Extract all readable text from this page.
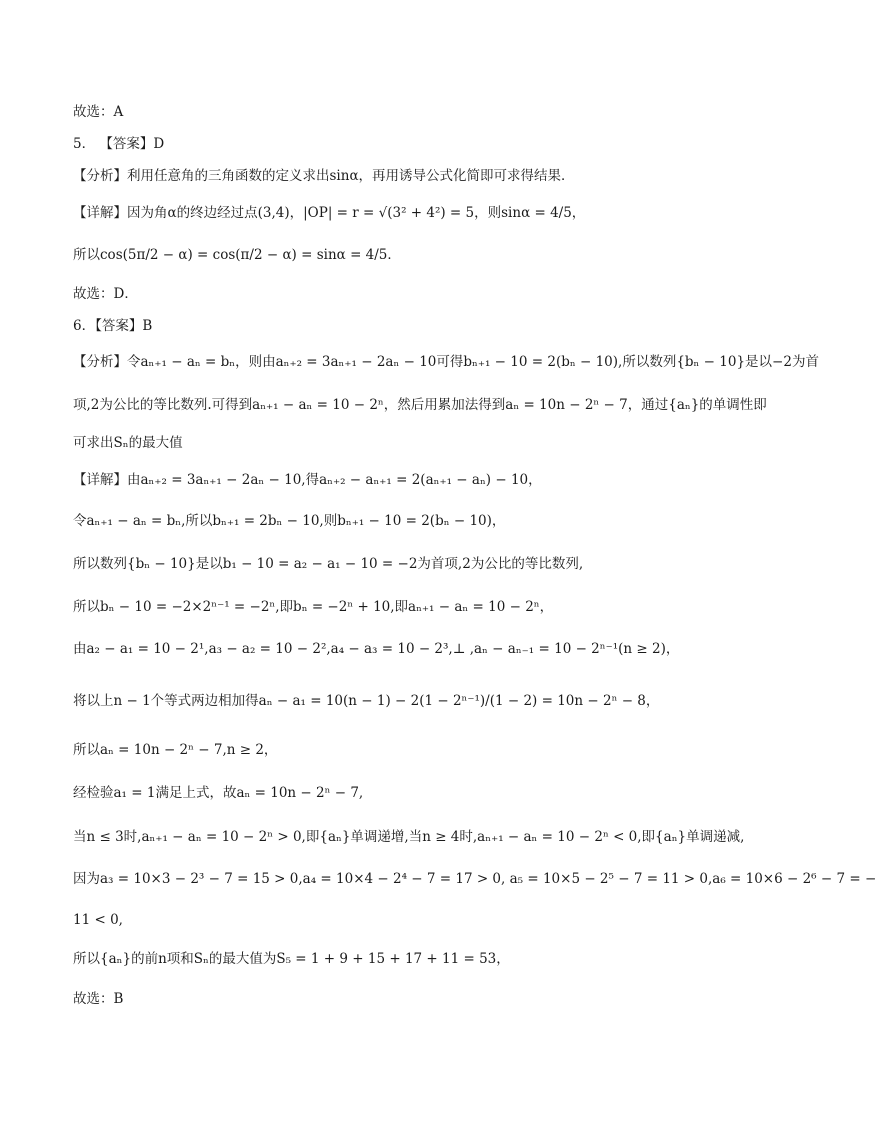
故选：A
5． 【答案】D
【分析】利用任意角的三角函数的定义求出sinα，再用诱导公式化简即可求得结果．
【详解】因为角α的终边经过点(3,4)，|OP| = r = √(3² + 4²) = 5，则sinα = 4/5，
所以cos(5π/2 − α) = cos(π/2 − α) = sinα = 4/5．
故选：D．
6．【答案】B
【分析】令aₙ₊₁ − aₙ = bₙ，则由aₙ₊₂ = 3aₙ₊₁ − 2aₙ − 10可得bₙ₊₁ − 10 = 2(bₙ − 10),所以数列{bₙ − 10}是以−2为首
项,2为公比的等比数列.可得到aₙ₊₁ − aₙ = 10 − 2ⁿ，然后用累加法得到aₙ = 10n − 2ⁿ − 7，通过{aₙ}的单调性即
可求出Sₙ的最大值
【详解】由aₙ₊₂ = 3aₙ₊₁ − 2aₙ − 10,得aₙ₊₂ − aₙ₊₁ = 2(aₙ₊₁ − aₙ) − 10，
令aₙ₊₁ − aₙ = bₙ,所以bₙ₊₁ = 2bₙ − 10,则bₙ₊₁ − 10 = 2(bₙ − 10)，
所以数列{bₙ − 10}是以b₁ − 10 = a₂ − a₁ − 10 = −2为首项,2为公比的等比数列,
所以bₙ − 10 = −2×2ⁿ⁻¹ = −2ⁿ,即bₙ = −2ⁿ + 10,即aₙ₊₁ − aₙ = 10 − 2ⁿ，
由a₂ − a₁ = 10 − 2¹,a₃ − a₂ = 10 − 2²,a₄ − a₃ = 10 − 2³,⊥ ,aₙ − aₙ₋₁ = 10 − 2ⁿ⁻¹(n ≥ 2)，
将以上n − 1个等式两边相加得aₙ − a₁ = 10(n − 1) − 2(1 − 2ⁿ⁻¹)/(1 − 2) = 10n − 2ⁿ − 8，
所以aₙ = 10n − 2ⁿ − 7,n ≥ 2，
经检验a₁ = 1满足上式，故aₙ = 10n − 2ⁿ − 7,
当n ≤ 3时,aₙ₊₁ − aₙ = 10 − 2ⁿ > 0,即{aₙ}单调递增,当n ≥ 4时,aₙ₊₁ − aₙ = 10 − 2ⁿ < 0,即{aₙ}单调递减,
因为a₃ = 10×3 − 2³ − 7 = 15 > 0,a₄ = 10×4 − 2⁴ − 7 = 17 > 0, a₅ = 10×5 − 2⁵ − 7 = 11 > 0,a₆ = 10×6 − 2⁶ − 7 = −
11 < 0,
所以{aₙ}的前n项和Sₙ的最大值为S₅ = 1 + 9 + 15 + 17 + 11 = 53，
故选：B
